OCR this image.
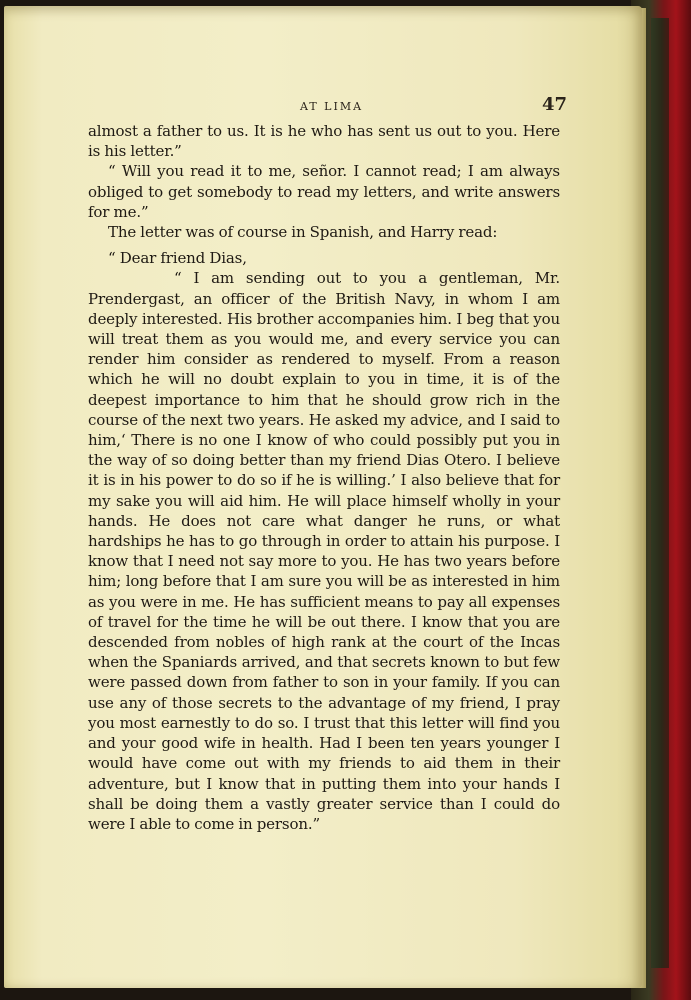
AT LIMA	47

almost a father to us. It is he who has sent us out to you. Here is his letter.”

“ Will you read it to me, señor. I cannot read; I am always obliged to get somebody to read my letters, and write answers for me.”

The letter was of course in Spanish, and Harry read:

“ Dear friend Dias,

“ I am sending out to you a gentleman, Mr. Prendergast, an officer of the British Navy, in whom I am deeply interested. His brother accompanies him. I beg that you will treat them as you would me, and every service you can render him consider as rendered to myself. From a reason which he will no doubt explain to you in time, it is of the deepest importance to him that he should grow rich in the course of the next two years. He asked my advice, and I said to him,‘ There is no one I know of who could possibly put you in the way of so doing better than my friend Dias Otero. I believe it is in his power to do so if he is willing.’ I also believe that for my sake you will aid him. He will place himself wholly in your hands. He does not care what danger he runs, or what hardships he has to go through in order to attain his purpose. I know that I need not say more to you. He has two years before him; long before that I am sure you will be as interested in him as you were in me. He has sufficient means to pay all expenses of travel for the time he will be out there. I know that you are descended from nobles of high rank at the court of the Incas when the Spaniards arrived, and that secrets known to but few were passed down from father to son in your family. If you can use any of those secrets to the advantage of my friend, I pray you most earnestly to do so. I trust that this letter will find you and your good wife in health. Had I been ten years younger I would have come out with my friends to aid them in their adventure, but I know that in putting them into your hands I shall be doing them a vastly greater service than I could do were I able to come in person.”
